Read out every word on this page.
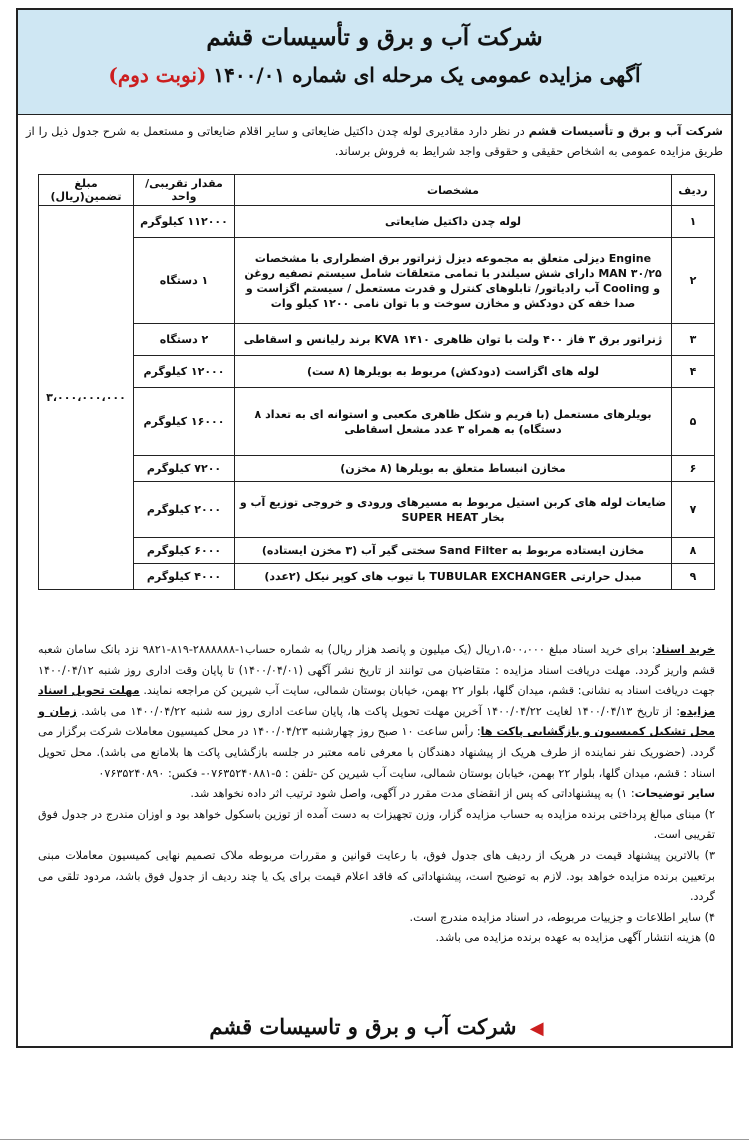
شرکت آب و برق و تأسیسات قشم
آگهی مزایده عمومی یک مرحله ای شماره ۱۴۰۰/۰۱ (نوبت دوم)
شرکت آب و برق و تأسیسات قشم در نظر دارد مقادیری لوله چدن داکتیل ضایعاتی و سایر اقلام ضایعاتی و مستعمل به شرح جدول ذیل را از طریق مزایده عمومی به اشخاص حقیقی و حقوقی واجد شرایط به فروش برساند.
ردیف	مشخصات	مقدار تقریبی/ واحد	مبلغ تضمین(ریال)
۱	لوله چدن داکتیل ضایعاتی	۱۱۲۰۰۰ کیلوگرم	۳،۰۰۰،۰۰۰،۰۰۰
۲	Engine دیزلی متعلق به مجموعه دیزل ژنراتور برق اضطراری با مشخصات MAN ۳۰/۲۵ دارای شش سیلندر با تمامی متعلقات شامل سیستم تصفیه روغن و Cooling آب رادیاتور/ تابلوهای کنترل و قدرت مستعمل / سیستم اگزاست و صدا خفه کن دودکش و مخازن سوخت و با توان نامی ۱۲۰۰ کیلو وات	۱ دستگاه	
۳	ژنراتور برق ۳ فاز ۴۰۰ ولت با توان ظاهری ۱۴۱۰ KVA برند رلیانس و اسقاطی	۲ دستگاه	
۴	لوله های اگزاست (دودکش) مربوط به بویلرها (۸ ست)	۱۲۰۰۰ کیلوگرم	
۵	بویلرهای مستعمل (با فریم و شکل ظاهری مکعبی و استوانه ای به تعداد ۸ دستگاه) به همراه ۳ عدد مشعل اسقاطی	۱۶۰۰۰ کیلوگرم	
۶	مخازن انبساط متعلق به بویلرها (۸ مخزن)	۷۲۰۰ کیلوگرم	
۷	ضایعات لوله های کربن استیل مربوط به مسیرهای ورودی و خروجی توزیع آب و بخار SUPER HEAT	۲۰۰۰ کیلوگرم	
۸	مخازن ایستاده مربوط به Sand Filter سختی گیر آب (۳ مخزن ایستاده)	۶۰۰۰ کیلوگرم	
۹	مبدل حرارتی TUBULAR EXCHANGER با تیوب های کوپر نیکل (۲عدد)	۴۰۰۰ کیلوگرم	
خرید اسناد: برای خرید اسناد مبلغ ۱،۵۰۰،۰۰۰ریال (یک میلیون و پانصد هزار ریال) به شماره حساب۱-۲۸۸۸۸۸۸-۸۱۹-۹۸۲۱ نزد بانک سامان شعبه قشم واریز گردد. مهلت دریافت اسناد مزایده : متقاضیان می توانند از تاریخ نشر آگهی (۱۴۰۰/۰۴/۰۱) تا پایان وقت اداری روز شنبه ۱۴۰۰/۰۴/۱۲ جهت دریافت اسناد به نشانی: قشم، میدان گلها، بلوار ۲۲ بهمن، خیابان بوستان شمالی، سایت آب شیرین کن مراجعه نمایند. مهلت تحویل اسناد مزایده: از تاریخ ۱۴۰۰/۰۴/۱۳ لغایت ۱۴۰۰/۰۴/۲۲ آخرین مهلت تحویل پاکت ها، پایان ساعت اداری روز سه شنبه ۱۴۰۰/۰۴/۲۲ می باشد. زمان و محل تشکیل کمیسیون و بازگشایی پاکت ها: رأس ساعت ۱۰ صبح روز چهارشنبه ۱۴۰۰/۰۴/۲۳ در محل کمیسیون معاملات شرکت برگزار می گردد. (حضوریک نفر نماینده از طرف هریک از پیشنهاد دهندگان با معرفی نامه معتبر در جلسه بازگشایی پاکت ها بلامانع می باشد). محل تحویل اسناد : قشم، میدان گلها، بلوار ۲۲ بهمن، خیابان بوستان شمالی، سایت آب شیرین کن -تلفن : ۵-۰۷۶۳۵۲۴۰۸۸۱- فکس: ۰۷۶۳۵۲۴۰۸۹۰
سایر توضیحات: ۱) به پیشنهاداتی که پس از انقضای مدت مقرر در آگهی، واصل شود ترتیب اثر داده نخواهد شد.
۲) مبنای مبالغ پرداختی برنده مزایده به حساب مزایده گزار، وزن تجهیزات به دست آمده از توزین باسکول خواهد بود و اوزان مندرج در جدول فوق تقریبی است.
۳) بالاترین پیشنهاد قیمت در هریک از ردیف های جدول فوق، با رعایت قوانین و مقررات مربوطه ملاک تصمیم نهایی کمیسیون معاملات مبنی برتعیین برنده مزایده خواهد بود. لازم به توضیح است، پیشنهاداتی که فاقد اعلام قیمت برای یک یا چند ردیف از جدول فوق باشد، مردود تلقی می گردد.
۴) سایر اطلاعات و جزییات مربوطه، در اسناد مزایده مندرج است.
۵) هزینه انتشار آگهی مزایده به عهده برنده مزایده می باشد.
◀ شرکت آب و برق و تاسیسات قشم
